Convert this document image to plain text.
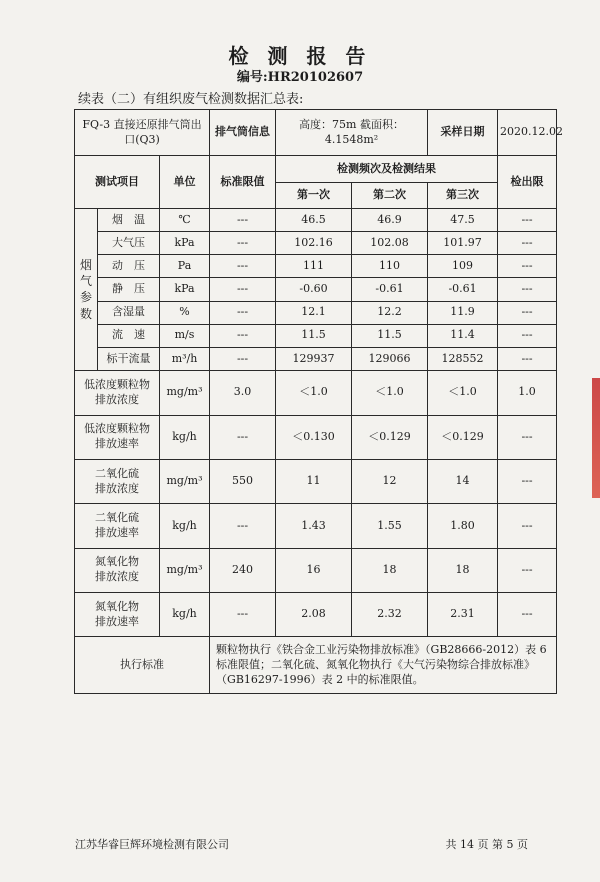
检 测 报 告
编号:HR20102607
续表（二）有组织废气检测数据汇总表:
FQ-3 直接还原排气筒出口(Q3)			排气筒信息	高度：75m 截面积：4.1548m²		采样日期	2020.12.02
测试项目		单位	标准限值	检测频次及检测结果			检出限
				第一次	第二次	第三次	
烟
气
参
数	烟　温	℃	---	46.5	46.9	47.5	---
	大气压	kPa	---	102.16	102.08	101.97	---
	动　压	Pa	---	111	110	109	---
	静　压	kPa	---	-0.60	-0.61	-0.61	---
	含湿量	%	---	12.1	12.2	11.9	---
	流　速	m/s	---	11.5	11.5	11.4	---
	标干流量	m³/h	---	129937	129066	128552	---
低浓度颗粒物
排放浓度		mg/m³	3.0	＜1.0	＜1.0	＜1.0	1.0
低浓度颗粒物
排放速率		kg/h	---	＜0.130	＜0.129	＜0.129	---
二氧化硫
排放浓度		mg/m³	550	11	12	14	---
二氧化硫
排放速率		kg/h	---	1.43	1.55	1.80	---
氮氧化物
排放浓度		mg/m³	240	16	18	18	---
氮氧化物
排放速率		kg/h	---	2.08	2.32	2.31	---
执行标准			颗粒物执行《铁合金工业污染物排放标准》（GB28666-2012）表 6 标准限值；二氧化硫、氮氧化物执行《大气污染物综合排放标准》（GB16297-1996）表 2 中的标准限值。				
江苏华睿巨辉环境检测有限公司	共 14 页 第 5 页
